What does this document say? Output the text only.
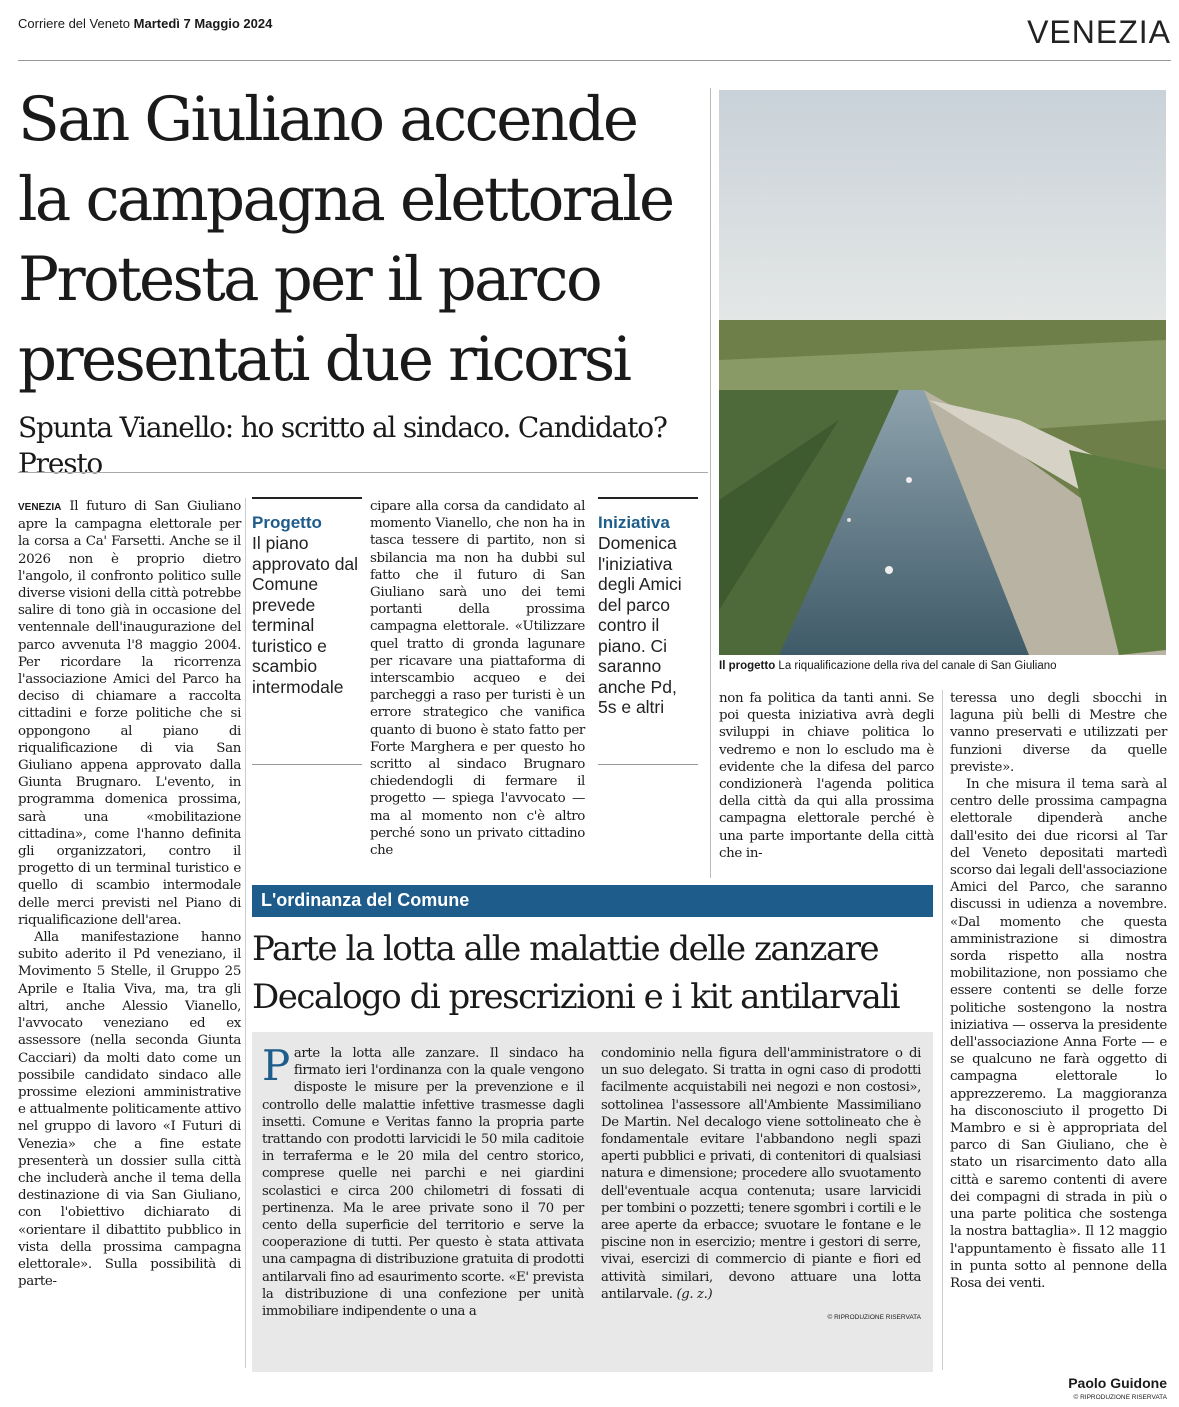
Corriere del Veneto Martedì 7 Maggio 2024	VENEZIA
San Giuliano accende
la campagna elettorale
Protesta per il parco
presentati due ricorsi
Spunta Vianello: ho scritto al sindaco. Candidato? Presto
Il progetto La riqualificazione della riva del canale di San Giuliano

VENEZIA Il futuro di San Giuliano apre la campagna elettorale per la corsa a Ca' Farsetti. Anche se il 2026 non è proprio dietro l'angolo, il confronto politico sulle diverse visioni della città potrebbe salire di tono già in occasione del ventennale dell'inaugurazione del parco avvenuta l'8 maggio 2004. Per ricordare la ricorrenza l'associazione Amici del Parco ha deciso di chiamare a raccolta cittadini e forze politiche che si oppongono al piano di riqualificazione di via San Giuliano appena approvato dalla Giunta Brugnaro. L'evento, in programma domenica prossima, sarà una «mobilitazione cittadina», come l'hanno definita gli organizzatori, contro il progetto di un terminal turistico e quello di scambio intermodale delle merci previsti nel Piano di riqualificazione dell'area.

Alla manifestazione hanno subito aderito il Pd veneziano, il Movimento 5 Stelle, il Gruppo 25 Aprile e Italia Viva, ma, tra gli altri, anche Alessio Vianello, l'avvocato veneziano ed ex assessore (nella seconda Giunta Cacciari) da molti dato come un possibile candidato sindaco alle prossime elezioni amministrative e attualmente politicamente attivo nel gruppo di lavoro «I Futuri di Venezia» che a fine estate presenterà un dossier sulla città che includerà anche il tema della destinazione di via San Giuliano, con l'obiettivo dichiarato di «orientare il dibattito pubblico in vista della prossima campagna elettorale». Sulla possibilità di parte-

Progetto
Il piano approvato dal Comune prevede terminal turistico e scambio intermodale

cipare alla corsa da candidato al momento Vianello, che non ha in tasca tessere di partito, non si sbilancia ma non ha dubbi sul fatto che il futuro di San Giuliano sarà uno dei temi portanti della prossima campagna elettorale. «Utilizzare quel tratto di gronda lagunare per ricavare una piattaforma di interscambio acqueo e dei parcheggi a raso per turisti è un errore strategico che vanifica quanto di buono è stato fatto per Forte Marghera e per questo ho scritto al sindaco Brugnaro chiedendogli di fermare il progetto — spiega l'avvocato — ma al momento non c'è altro perché sono un privato cittadino che

Iniziativa
Domenica l'iniziativa degli Amici del parco contro il piano. Ci saranno anche Pd, 5s e altri	non fa politica da tanti anni. Se poi questa iniziativa avrà degli sviluppi in chiave politica lo vedremo e non lo escludo ma è evidente che la difesa del parco condizionerà l'agenda politica della città da qui alla prossima campagna elettorale perché è una parte importante della città che in-

teressa uno degli sbocchi in laguna più belli di Mestre che vanno preservati e utilizzati per funzioni diverse da quelle previste».

In che misura il tema sarà al centro delle prossima campagna elettorale dipenderà anche dall'esito dei due ricorsi al Tar del Veneto depositati martedì scorso dai legali dell'associazione Amici del Parco, che saranno discussi in udienza a novembre. «Dal momento che questa amministrazione si dimostra sorda rispetto alla nostra mobilitazione, non possiamo che essere contenti se delle forze politiche sostengono la nostra iniziativa — osserva la presidente dell'associazione Anna Forte — e se qualcuno ne farà oggetto di campagna elettorale lo apprezzeremo. La maggioranza ha disconosciuto il progetto Di Mambro e si è appropriata del parco di San Giuliano, che è stato un risarcimento dato alla città e saremo contenti di avere dei compagni di strada in più o una parte politica che sostenga la nostra battaglia». Il 12 maggio l'appuntamento è fissato alle 11 in punta sotto al pennone della Rosa dei venti.

Paolo Guidone
© RIPRODUZIONE RISERVATA
L'ordinanza del Comune
Parte la lotta alle malattie delle zanzare
Decalogo di prescrizioni e i kit antilarvali

Parte la lotta alle zanzare. Il sindaco ha firmato ieri l'ordinanza con la quale vengono disposte le misure per la prevenzione e il controllo delle malattie infettive trasmesse dagli insetti. Comune e Veritas fanno la propria parte trattando con prodotti larvicidi le 50 mila caditoie in terraferma e le 20 mila del centro storico, comprese quelle nei parchi e nei giardini scolastici e circa 200 chilometri di fossati di pertinenza. Ma le aree private sono il 70 per cento della superficie del territorio e serve la cooperazione di tutti. Per questo è stata attivata una campagna di distribuzione gratuita di prodotti antilarvali fino ad esaurimento scorte. «E' prevista la distribuzione di una confezione per unità immobiliare indipendente o una a

condominio nella figura dell'amministratore o di un suo delegato. Si tratta in ogni caso di prodotti facilmente acquistabili nei negozi e non costosi», sottolinea l'assessore all'Ambiente Massimiliano De Martin. Nel decalogo viene sottolineato che è fondamentale evitare l'abbandono negli spazi aperti pubblici e privati, di contenitori di qualsiasi natura e dimensione; procedere allo svuotamento dell'eventuale acqua contenuta; usare larvicidi per tombini o pozzetti; tenere sgombri i cortili e le aree aperte da erbacce; svuotare le fontane e le piscine non in esercizio; mentre i gestori di serre, vivai, esercizi di commercio di piante e fiori ed attività similari, devono attuare una lotta antilarvale. (g. z.)

© RIPRODUZIONE RISERVATA
